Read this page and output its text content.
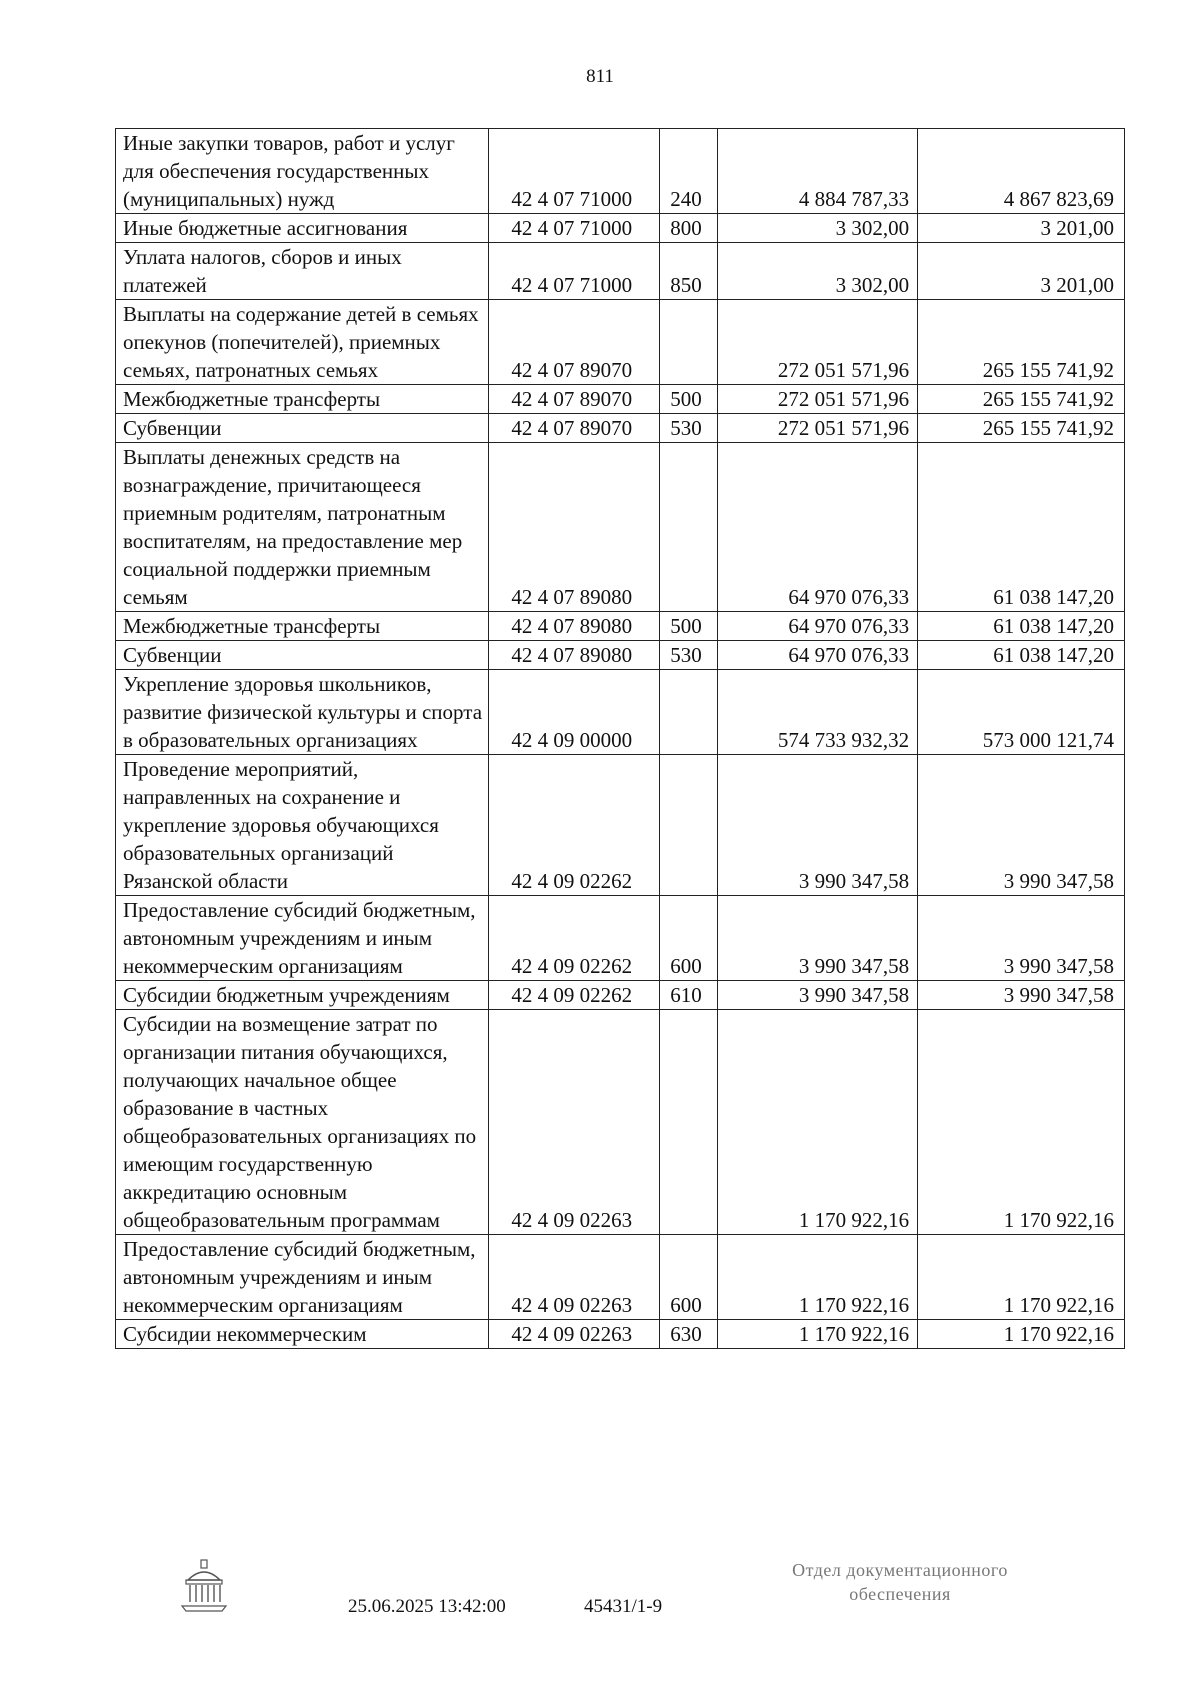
811
Иные закупки товаров, работ и услуг для обеспечения государственных (муниципальных) нужд	42 4 07 71000	240	4 884 787,33	4 867 823,69
Иные бюджетные ассигнования	42 4 07 71000	800	3 302,00	3 201,00
Уплата налогов, сборов и иных платежей	42 4 07 71000	850	3 302,00	3 201,00
Выплаты на содержание детей в семьях опекунов (попечителей), приемных семьях, патронатных семьях	42 4 07 89070		272 051 571,96	265 155 741,92
Межбюджетные трансферты	42 4 07 89070	500	272 051 571,96	265 155 741,92
Субвенции	42 4 07 89070	530	272 051 571,96	265 155 741,92
Выплаты денежных средств на вознаграждение, причитающееся приемным родителям, патронатным воспитателям, на предоставление мер социальной поддержки приемным семьям	42 4 07 89080		64 970 076,33	61 038 147,20
Межбюджетные трансферты	42 4 07 89080	500	64 970 076,33	61 038 147,20
Субвенции	42 4 07 89080	530	64 970 076,33	61 038 147,20
Укрепление здоровья школьников, развитие физической культуры и спорта в образовательных организациях	42 4 09 00000		574 733 932,32	573 000 121,74
Проведение мероприятий, направленных на сохранение и укрепление здоровья обучающихся образовательных организаций Рязанской области	42 4 09 02262		3 990 347,58	3 990 347,58
Предоставление субсидий бюджетным, автономным учреждениям и иным некоммерческим организациям	42 4 09 02262	600	3 990 347,58	3 990 347,58
Субсидии бюджетным учреждениям	42 4 09 02262	610	3 990 347,58	3 990 347,58
Субсидии на возмещение затрат по организации питания обучающихся, получающих начальное общее образование в частных общеобразовательных организациях по имеющим государственную аккредитацию основным общеобразовательным программам	42 4 09 02263		1 170 922,16	1 170 922,16
Предоставление субсидий бюджетным, автономным учреждениям и иным некоммерческим организациям	42 4 09 02263	600	1 170 922,16	1 170 922,16
Субсидии некоммерческим	42 4 09 02263	630	1 170 922,16	1 170 922,16
25.06.2025 13:42:00	45431/1-9
Отдел документационного
обеспечения
